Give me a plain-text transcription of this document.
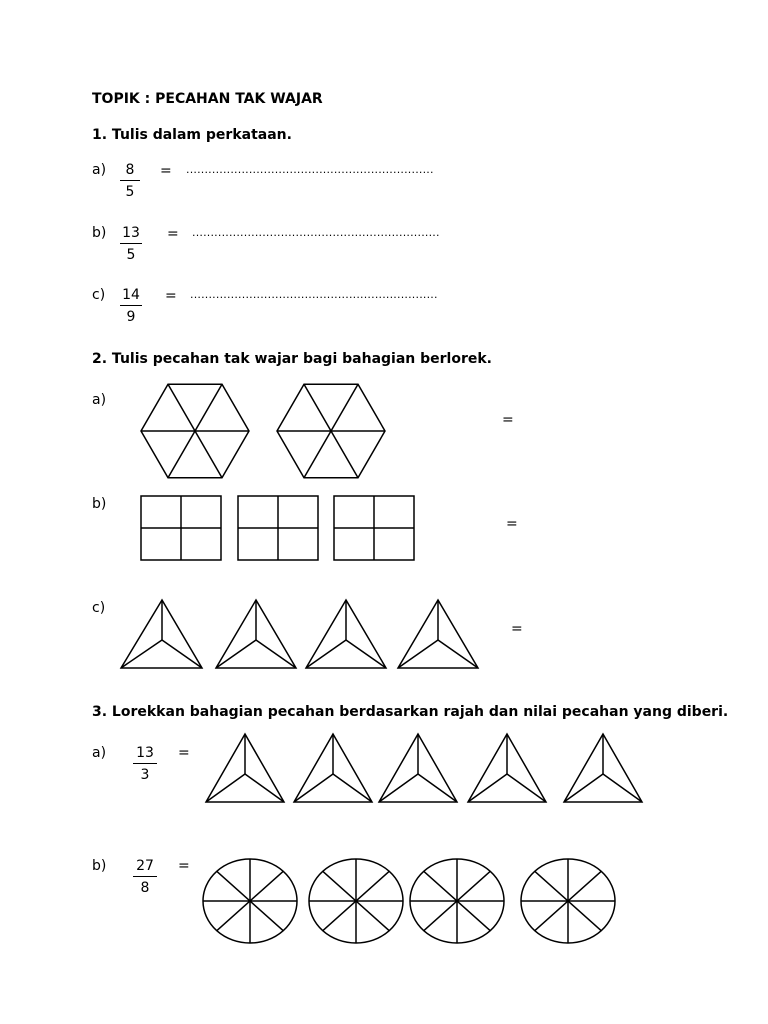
TOPIK : PECAHAN TAK WAJAR
1. Tulis dalam perkataan.
$a) \frac{8}{5}$ = ...................................................................
$b) \frac{13}{5}$ = ...................................................................
$c) \frac{14}{9}$ = ...................................................................
2. Tulis pecahan tak wajar bagi bahagian berlorek.
a)
=
b)
=
c)
=
3. Lorekkan bahagian pecahan berdasarkan rajah dan nilai pecahan yang diberi.
$a) \frac{13}{3}$ =
$b) \frac{27}{8}$ =
